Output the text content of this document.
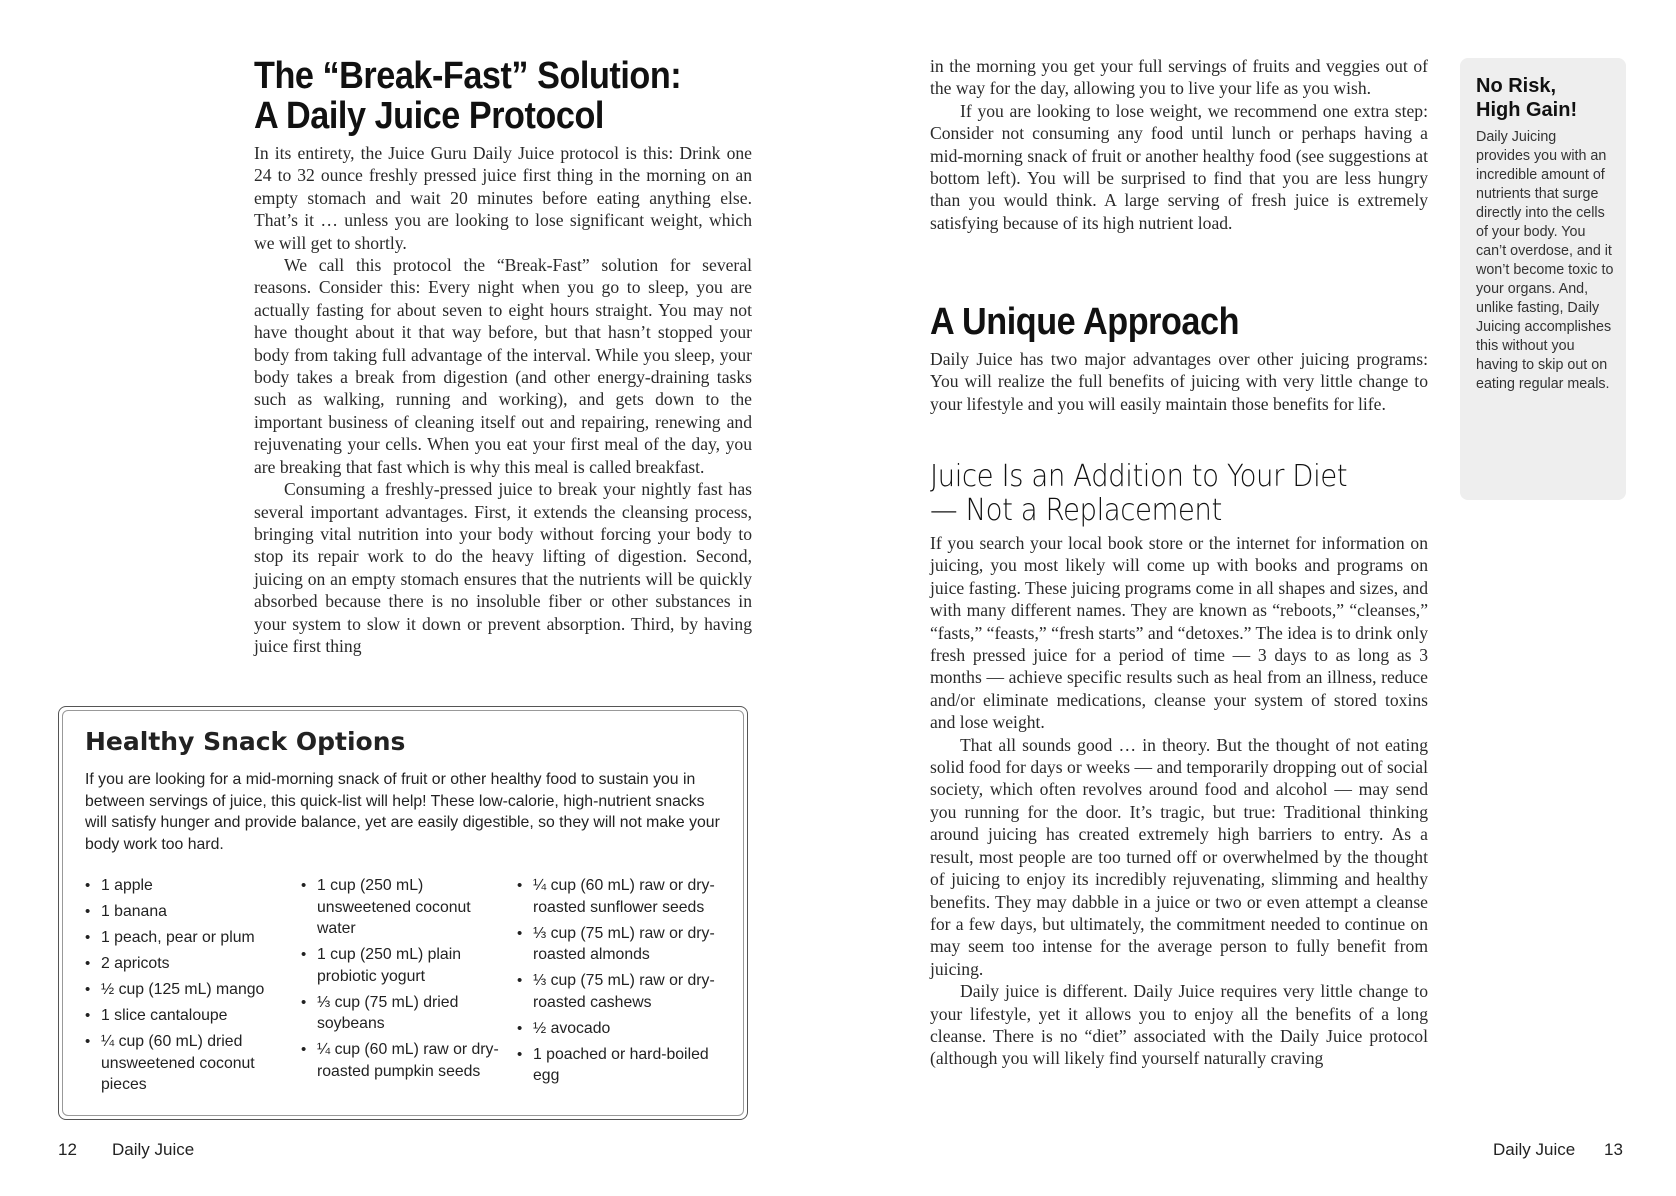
The “Break-Fast” Solution:
A Daily Juice Protocol

In its entirety, the Juice Guru Daily Juice protocol is this: Drink one 24 to 32 ounce freshly pressed juice first thing in the morning on an empty stomach and wait 20 minutes before eating anything else. That’s it … unless you are looking to lose significant weight, which we will get to shortly.

We call this protocol the “Break-Fast” solution for several reasons. Consider this: Every night when you go to sleep, you are actually fasting for about seven to eight hours straight. You may not have thought about it that way before, but that hasn’t stopped your body from taking full advantage of the interval. While you sleep, your body takes a break from digestion (and other energy-draining tasks such as walking, running and working), and gets down to the important business of cleaning itself out and repairing, renewing and rejuvenating your cells. When you eat your first meal of the day, you are breaking that fast which is why this meal is called breakfast.

Consuming a freshly-pressed juice to break your nightly fast has several important advantages. First, it extends the cleansing process, bringing vital nutrition into your body without forcing your body to stop its repair work to do the heavy lifting of digestion. Second, juicing on an empty stomach ensures that the nutrients will be quickly absorbed because there is no insoluble fiber or other substances in your system to slow it down or prevent absorption. Third, by having juice first thing

Healthy Snack Options

If you are looking for a mid-morning snack of fruit or other healthy food to sustain you in between servings of juice, this quick-list will help! These low-calorie, high-nutrient snacks will satisfy hunger and provide balance, yet are easily digestible, so they will not make your body work too hard.

• 1 apple
• 1 banana
• 1 peach, pear or plum
• 2 apricots
• ½ cup (125 mL) mango
• 1 slice cantaloupe
• ¼ cup (60 mL) dried unsweetened coconut pieces
• 1 cup (250 mL) unsweetened coconut water
• 1 cup (250 mL) plain probiotic yogurt
• ⅓ cup (75 mL) dried soybeans
• ¼ cup (60 mL) raw or dry-roasted pumpkin seeds
• ¼ cup (60 mL) raw or dry-roasted sunflower seeds
• ⅓ cup (75 mL) raw or dry-roasted almonds
• ⅓ cup (75 mL) raw or dry-roasted cashews
• ½ avocado
• 1 poached or hard-boiled egg
12 Daily Juice

in the morning you get your full servings of fruits and veggies out of the way for the day, allowing you to live your life as you wish.

If you are looking to lose weight, we recommend one extra step: Consider not consuming any food until lunch or perhaps having a mid-morning snack of fruit or another healthy food (see suggestions at bottom left). You will be surprised to find that you are less hungry than you would think. A large serving of fresh juice is extremely satisfying because of its high nutrient load.

A Unique Approach

Daily Juice has two major advantages over other juicing programs: You will realize the full benefits of juicing with very little change to your lifestyle and you will easily maintain those benefits for life.

Juice Is an Addition to Your Diet
— Not a Replacement

If you search your local book store or the internet for information on juicing, you most likely will come up with books and programs on juice fasting. These juicing programs come in all shapes and sizes, and with many different names. They are known as “reboots,” “cleanses,” “fasts,” “feasts,” “fresh starts” and “detoxes.” The idea is to drink only fresh pressed juice for a period of time — 3 days to as long as 3 months — achieve specific results such as heal from an illness, reduce and/or eliminate medications, cleanse your system of stored toxins and lose weight.

That all sounds good … in theory. But the thought of not eating solid food for days or weeks — and temporarily dropping out of social society, which often revolves around food and alcohol — may send you running for the door. It’s tragic, but true: Traditional thinking around juicing has created extremely high barriers to entry. As a result, most people are too turned off or overwhelmed by the thought of juicing to enjoy its incredibly rejuvenating, slimming and healthy benefits. They may dabble in a juice or two or even attempt a cleanse for a few days, but ultimately, the commitment needed to continue on may seem too intense for the average person to fully benefit from juicing.

Daily juice is different. Daily Juice requires very little change to your lifestyle, yet it allows you to enjoy all the benefits of a long cleanse. There is no “diet” associated with the Daily Juice protocol (although you will likely find yourself naturally craving

No Risk,
High Gain!

Daily Juicing provides you with an incredible amount of nutrients that surge directly into the cells of your body. You can’t overdose, and it won’t become toxic to your organs. And, unlike fasting, Daily Juicing accomplishes this without you having to skip out on eating regular meals.

Daily Juice 13
